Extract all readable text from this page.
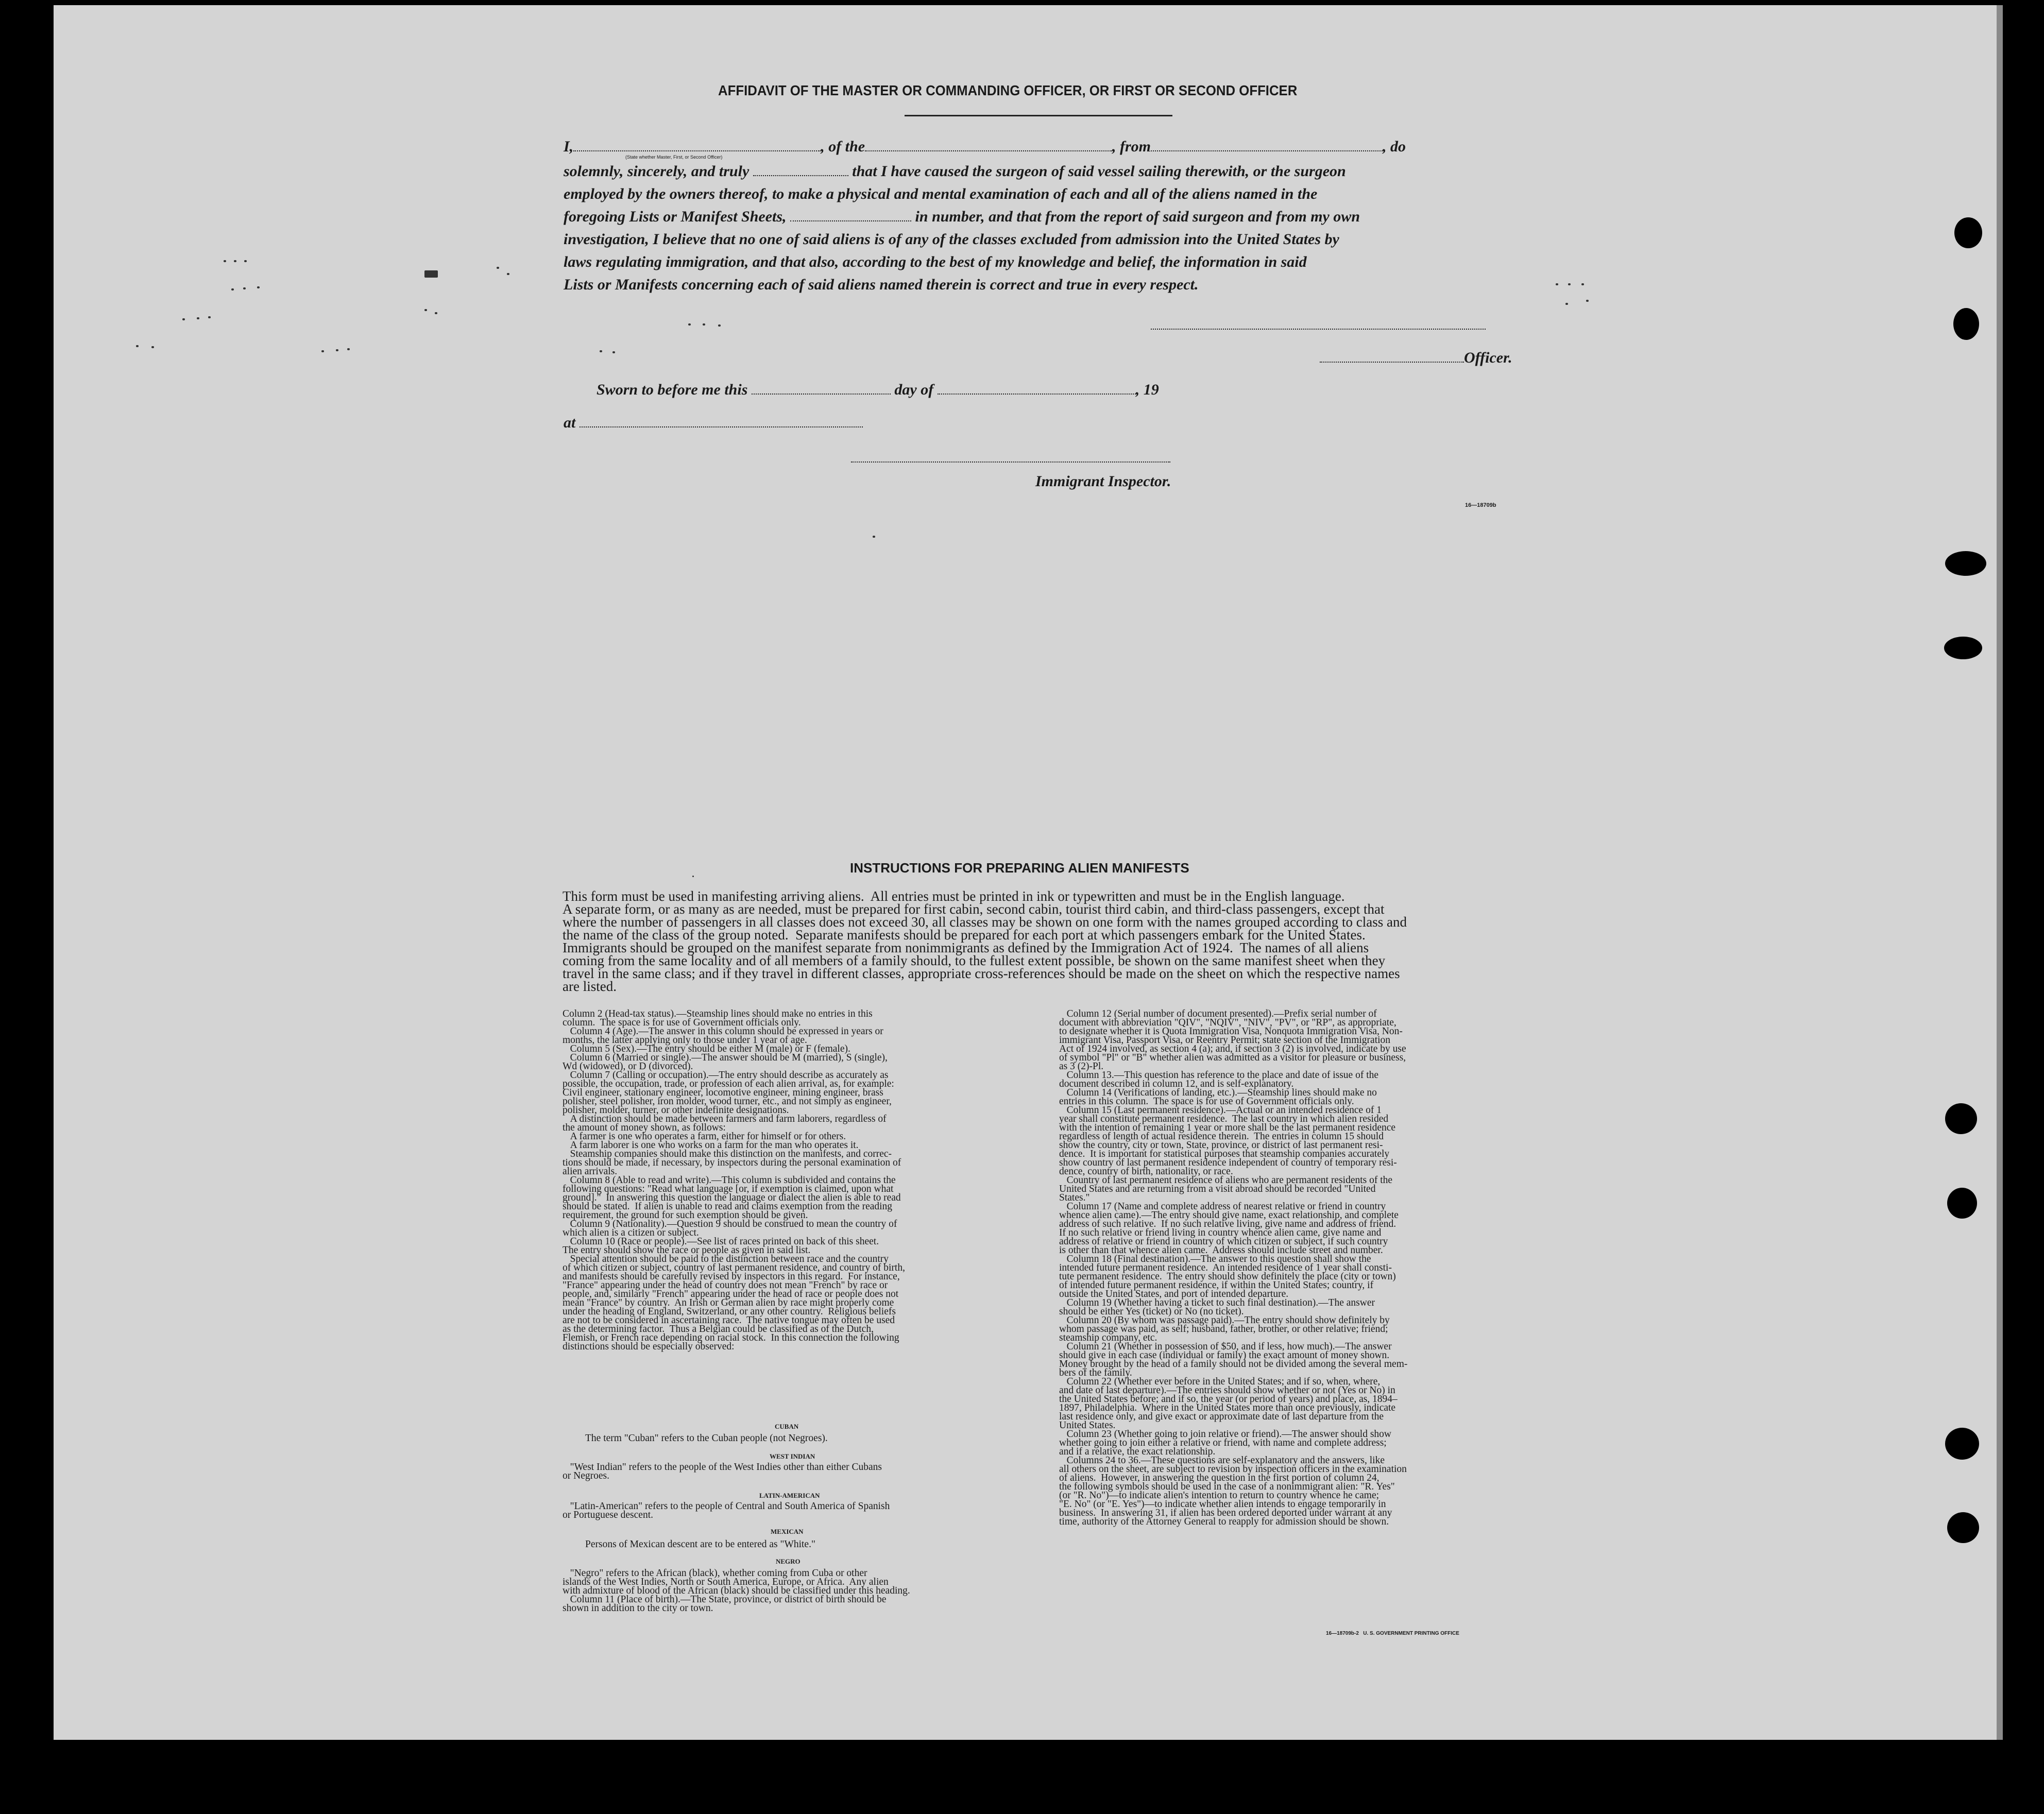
AFFIDAVIT OF THE MASTER OR COMMANDING OFFICER, OR FIRST OR SECOND OFFICER
I,	, of the	, from	, do
(State whether Master, First, or Second Officer)
solemnly, sincerely, and truly	that I have caused the surgeon of said vessel sailing therewith, or the surgeon
employed by the owners thereof, to make a physical and mental examination of each and all of the aliens named in the
foregoing Lists or Manifest Sheets,	in number, and that from the report of said surgeon and from my own
investigation, I believe that no one of said aliens is of any of the classes excluded from admission into the United States by
laws regulating immigration, and that also, according to the best of my knowledge and belief, the information in said
Lists or Manifests concerning each of said aliens named therein is correct and true in every respect.
Officer.
Sworn to before me this	day of	, 19
at
Immigrant Inspector.
16—18709b
INSTRUCTIONS FOR PREPARING ALIEN MANIFESTS
This form must be used in manifesting arriving aliens.  All entries must be printed in ink or typewritten and must be in the English language.
A separate form, or as many as are needed, must be prepared for first cabin, second cabin, tourist third cabin, and third-class passengers, except that
where the number of passengers in all classes does not exceed 30, all classes may be shown on one form with the names grouped according to class and
the name of the class of the group noted.  Separate manifests should be prepared for each port at which passengers embark for the United States.
Immigrants should be grouped on the manifest separate from nonimmigrants as defined by the Immigration Act of 1924.  The names of all aliens
coming from the same locality and of all members of a family should, to the fullest extent possible, be shown on the same manifest sheet when they
travel in the same class; and if they travel in different classes, appropriate cross-references should be made on the sheet on which the respective names
are listed.
Column 2 (Head-tax status).—Steamship lines should make no entries in this
column.  The space is for use of Government officials only.
Column 4 (Age).—The answer in this column should be expressed in years or
months, the latter applying only to those under 1 year of age.
Column 5 (Sex).—The entry should be either M (male) or F (female).
Column 6 (Married or single).—The answer should be M (married), S (single),
Wd (widowed), or D (divorced).
Column 7 (Calling or occupation).—The entry should describe as accurately as
possible, the occupation, trade, or profession of each alien arrival, as, for example:
Civil engineer, stationary engineer, locomotive engineer, mining engineer, brass
polisher, steel polisher, iron molder, wood turner, etc., and not simply as engineer,
polisher, molder, turner, or other indefinite designations.
A distinction should be made between farmers and farm laborers, regardless of
the amount of money shown, as follows:
A farmer is one who operates a farm, either for himself or for others.
A farm laborer is one who works on a farm for the man who operates it.
Steamship companies should make this distinction on the manifests, and correc-
tions should be made, if necessary, by inspectors during the personal examination of
alien arrivals.
Column 8 (Able to read and write).—This column is subdivided and contains the
following questions: "Read what language [or, if exemption is claimed, upon what
ground]."  In answering this question the language or dialect the alien is able to read
should be stated.  If alien is unable to read and claims exemption from the reading
requirement, the ground for such exemption should be given.
Column 9 (Nationality).—Question 9 should be construed to mean the country of
which alien is a citizen or subject.
Column 10 (Race or people).—See list of races printed on back of this sheet.
The entry should show the race or people as given in said list.
Special attention should be paid to the distinction between race and the country
of which citizen or subject, country of last permanent residence, and country of birth,
and manifests should be carefully revised by inspectors in this regard.  For instance,
"France" appearing under the head of country does not mean "French" by race or
people, and, similarly "French" appearing under the head of race or people does not
mean "France" by country.  An Irish or German alien by race might properly come
under the heading of England, Switzerland, or any other country.  Religious beliefs
are not to be considered in ascertaining race.  The native tongue may often be used
as the determining factor.  Thus a Belgian could be classified as of the Dutch,
Flemish, or French race depending on racial stock.  In this connection the following
distinctions should be especially observed:
CUBAN
The term "Cuban" refers to the Cuban people (not Negroes).
WEST INDIAN
"West Indian" refers to the people of the West Indies other than either Cubans
or Negroes.
LATIN-AMERICAN
"Latin-American" refers to the people of Central and South America of Spanish
or Portuguese descent.
MEXICAN
Persons of Mexican descent are to be entered as "White."
NEGRO
"Negro" refers to the African (black), whether coming from Cuba or other
islands of the West Indies, North or South America, Europe, or Africa.  Any alien
with admixture of blood of the African (black) should be classified under this heading.
Column 11 (Place of birth).—The State, province, or district of birth should be
shown in addition to the city or town.
Column 12 (Serial number of document presented).—Prefix serial number of
document with abbreviation "QIV", "NQIV", "NIV", "PV", or "RP", as appropriate,
to designate whether it is Quota Immigration Visa, Nonquota Immigration Visa, Non-
immigrant Visa, Passport Visa, or Reentry Permit; state section of the Immigration
Act of 1924 involved, as section 4 (a); and, if section 3 (2) is involved, indicate by use
of symbol "Pl" or "B" whether alien was admitted as a visitor for pleasure or business,
as 3 (2)-Pl.
Column 13.—This question has reference to the place and date of issue of the
document described in column 12, and is self-explanatory.
Column 14 (Verifications of landing, etc.).—Steamship lines should make no
entries in this column.  The space is for use of Government officials only.
Column 15 (Last permanent residence).—Actual or an intended residence of 1
year shall constitute permanent residence.  The last country in which alien resided
with the intention of remaining 1 year or more shall be the last permanent residence
regardless of length of actual residence therein.  The entries in column 15 should
show the country, city or town, State, province, or district of last permanent resi-
dence.  It is important for statistical purposes that steamship companies accurately
show country of last permanent residence independent of country of temporary resi-
dence, country of birth, nationality, or race.
Country of last permanent residence of aliens who are permanent residents of the
United States and are returning from a visit abroad should be recorded "United
States."
Column 17 (Name and complete address of nearest relative or friend in country
whence alien came).—The entry should give name, exact relationship, and complete
address of such relative.  If no such relative living, give name and address of friend.
If no such relative or friend living in country whence alien came, give name and
address of relative or friend in country of which citizen or subject, if such country
is other than that whence alien came.  Address should include street and number.
Column 18 (Final destination).—The answer to this question shall show the
intended future permanent residence.  An intended residence of 1 year shall consti-
tute permanent residence.  The entry should show definitely the place (city or town)
of intended future permanent residence, if within the United States; country, if
outside the United States, and port of intended departure.
Column 19 (Whether having a ticket to such final destination).—The answer
should be either Yes (ticket) or No (no ticket).
Column 20 (By whom was passage paid).—The entry should show definitely by
whom passage was paid, as self; husband, father, brother, or other relative; friend;
steamship company, etc.
Column 21 (Whether in possession of $50, and if less, how much).—The answer
should give in each case (individual or family) the exact amount of money shown.
Money brought by the head of a family should not be divided among the several mem-
bers of the family.
Column 22 (Whether ever before in the United States; and if so, when, where,
and date of last departure).—The entries should show whether or not (Yes or No) in
the United States before; and if so, the year (or period of years) and place, as, 1894–
1897, Philadelphia.  Where in the United States more than once previously, indicate
last residence only, and give exact or approximate date of last departure from the
United States.
Column 23 (Whether going to join relative or friend).—The answer should show
whether going to join either a relative or friend, with name and complete address;
and if a relative, the exact relationship.
Columns 24 to 36.—These questions are self-explanatory and the answers, like
all others on the sheet, are subject to revision by inspection officers in the examination
of aliens.  However, in answering the question in the first portion of column 24,
the following symbols should be used in the case of a nonimmigrant alien: "R. Yes"
(or "R. No")—to indicate alien's intention to return to country whence he came;
"E. No" (or "E. Yes")—to indicate whether alien intends to engage temporarily in
business.  In answering 31, if alien has been ordered deported under warrant at any
time, authority of the Attorney General to reapply for admission should be shown.
16—18709b-2   U. S. GOVERNMENT PRINTING OFFICE
